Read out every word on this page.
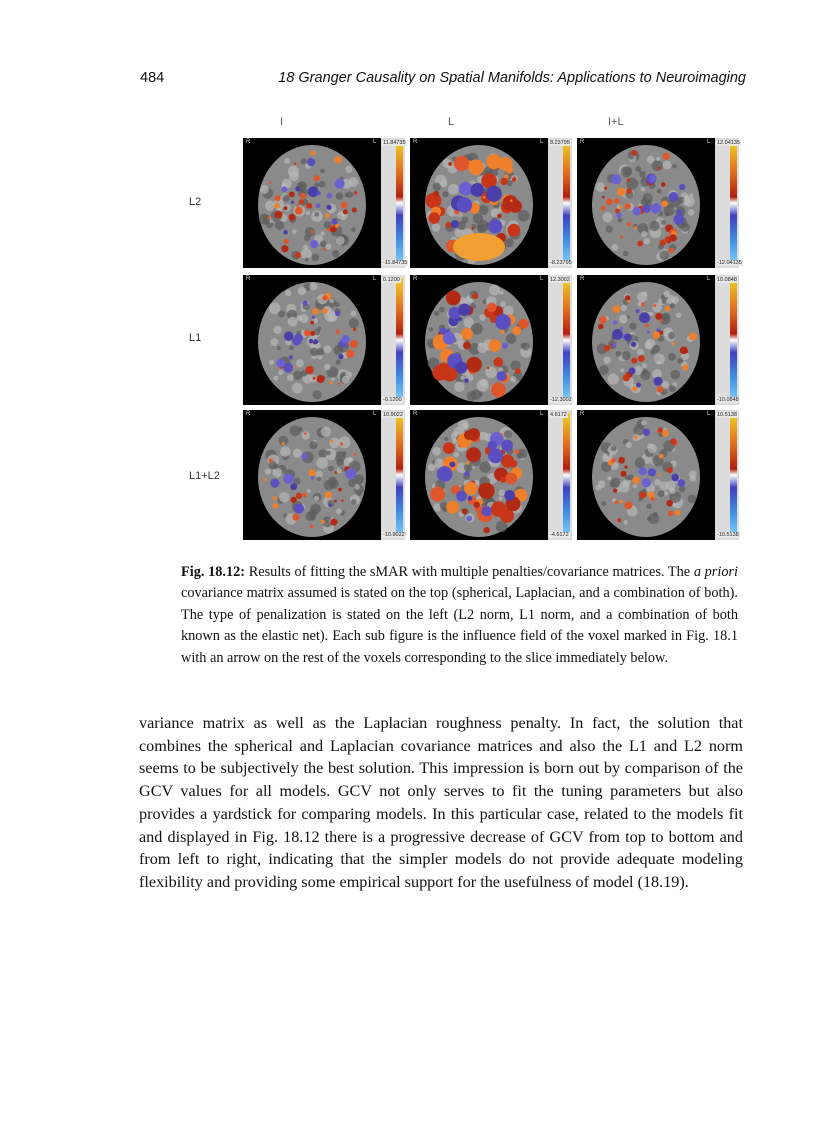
484	18 Granger Causality on Spatial Manifolds: Applications to Neuroimaging
I	L	I+L
L2
L1
L1+L2
R	L 11.84735
-11.84735
R	L 8.23795
-8.23795
R	L 12.04135
-12.04135
R	L 0.1200
-0.1200
R	L 12.3002
-12.3002
R	L 10.0848
-10.0848
R	L 10.9022
-10.9022
R	L 4.6172
-4.6172
R	L 10.5138
-10.5138
Fig. 18.12: Results of fitting the sMAR with multiple penalties/covariance matrices. The a priori covariance matrix assumed is stated on the top (spherical, Laplacian, and a combination of both). The type of penalization is stated on the left (L2 norm, L1 norm, and a combination of both known as the elastic net). Each sub figure is the influence field of the voxel marked in Fig. 18.1 with an arrow on the rest of the voxels corresponding to the slice immediately below.
variance matrix as well as the Laplacian roughness penalty. In fact, the solution that combines the spherical and Laplacian covariance matrices and also the L1 and L2 norm seems to be subjectively the best solution. This impression is born out by comparison of the GCV values for all models. GCV not only serves to fit the tuning parameters but also provides a yardstick for comparing models. In this particular case, related to the models fit and displayed in Fig. 18.12 there is a progressive decrease of GCV from top to bottom and from left to right, indicating that the simpler models do not provide adequate modeling flexibility and providing some empirical support for the usefulness of model (18.19).
